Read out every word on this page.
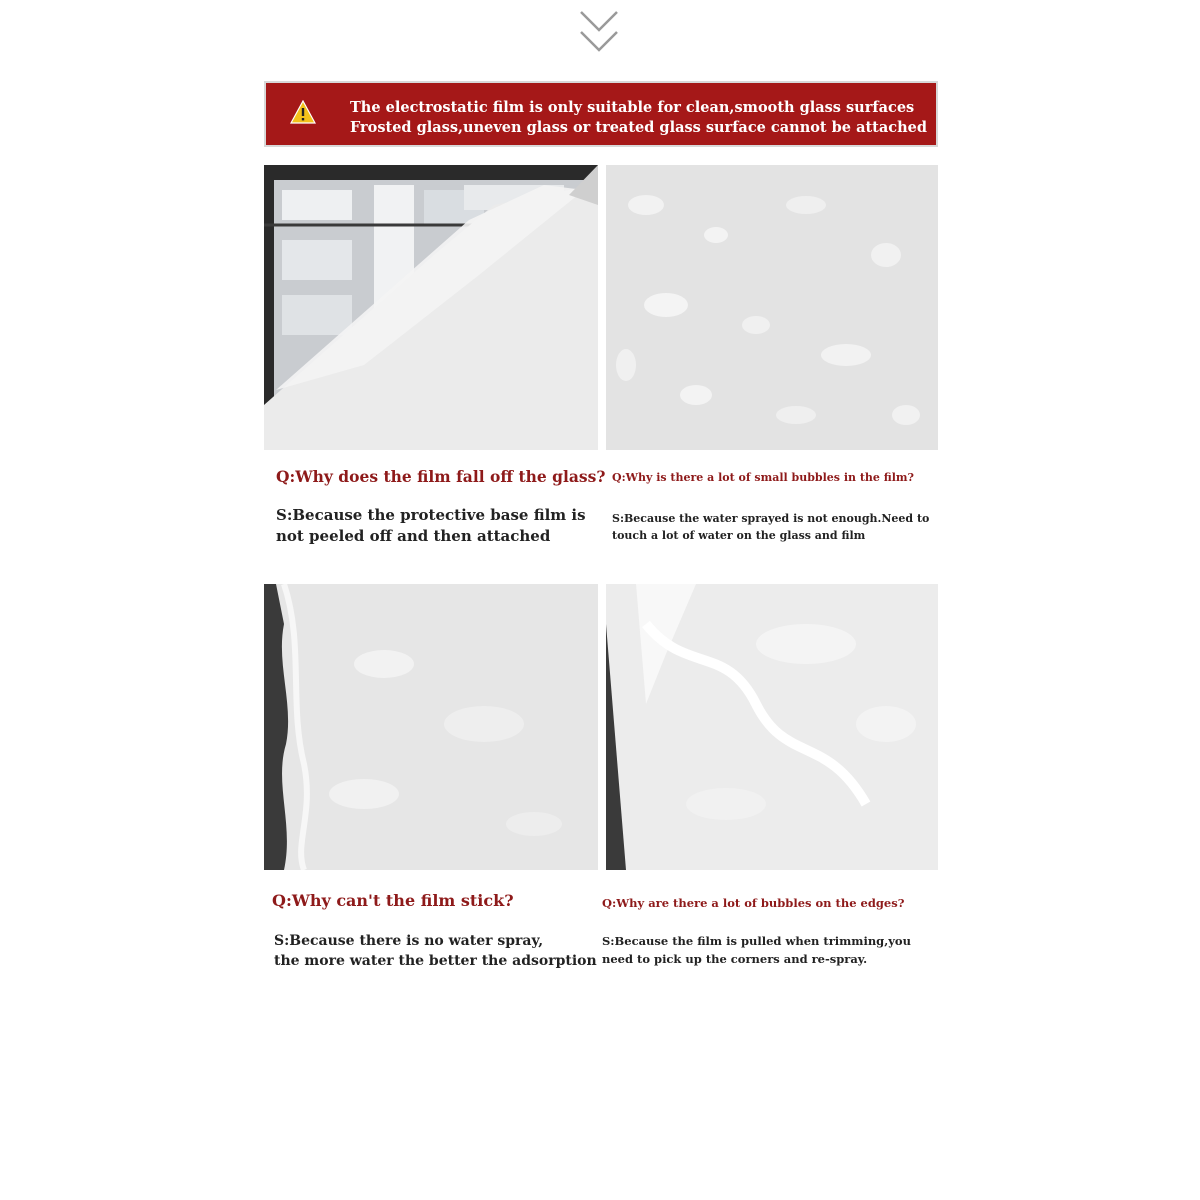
The electrostatic film is only suitable for clean,smooth glass surfaces
Frosted glass,uneven glass or treated glass surface cannot be attached
Q:Why does the film fall off the glass?
S:Because the protective base film is
not peeled off and then attached
Q:Why is there a lot of small bubbles in the film?
S:Because the water sprayed is not enough.Need to
touch a lot of water on the glass and film
Q:Why can't the film stick?
S:Because there is no water spray,
the more water the better the adsorption
Q:Why are there a lot of bubbles on the edges?
S:Because the film is pulled when trimming,you
need to pick up the corners and re-spray.
